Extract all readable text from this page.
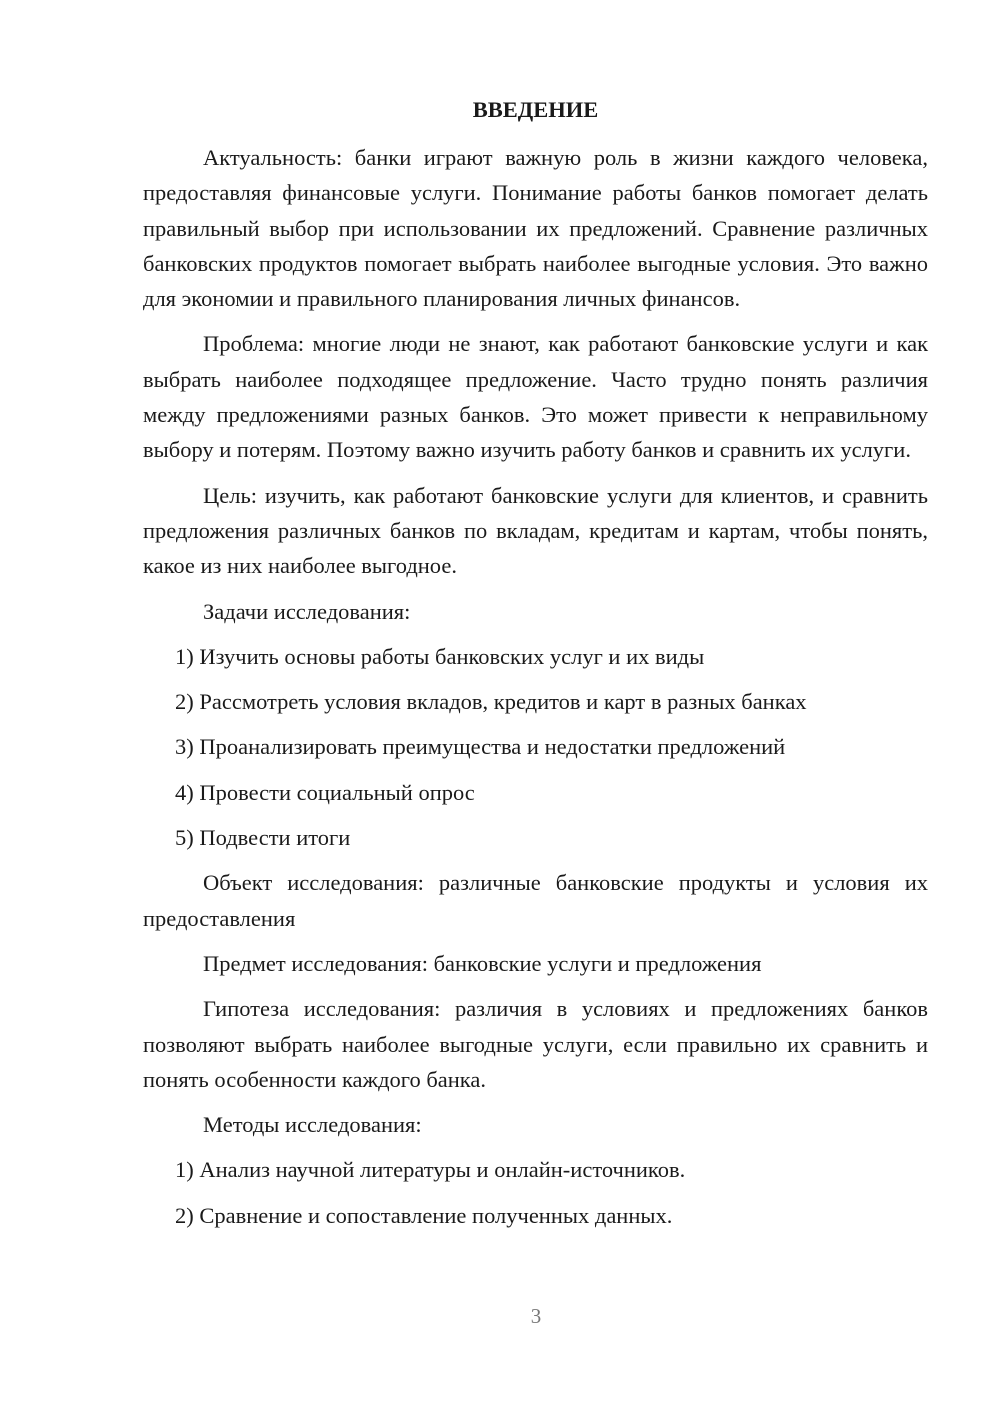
ВВЕДЕНИЕ

Актуальность: банки играют важную роль в жизни каждого человека, предоставляя финансовые услуги. Понимание работы банков помогает делать правильный выбор при использовании их предложений. Сравнение различных банковских продуктов помогает выбрать наиболее выгодные условия. Это важно для экономии и правильного планирования личных финансов.

Проблема: многие люди не знают, как работают банковские услуги и как выбрать наиболее подходящее предложение. Часто трудно понять различия между предложениями разных банков. Это может привести к неправильному выбору и потерям. Поэтому важно изучить работу банков и сравнить их услуги.

Цель: изучить, как работают банковские услуги для клиентов, и сравнить предложения различных банков по вкладам, кредитам и картам, чтобы понять, какое из них наиболее выгодное.

Задачи исследования:

1) Изучить основы работы банковских услуг и их виды

2) Рассмотреть условия вкладов, кредитов и карт в разных банках

3) Проанализировать преимущества и недостатки предложений

4) Провести социальный опрос

5) Подвести итоги

Объект исследования: различные банковские продукты и условия их предоставления

Предмет исследования: банковские услуги и предложения

Гипотеза исследования: различия в условиях и предложениях банков позволяют выбрать наиболее выгодные услуги, если правильно их сравнить и понять особенности каждого банка.

Методы исследования:

1) Анализ научной литературы и онлайн-источников.

2) Сравнение и сопоставление полученных данных.

3
